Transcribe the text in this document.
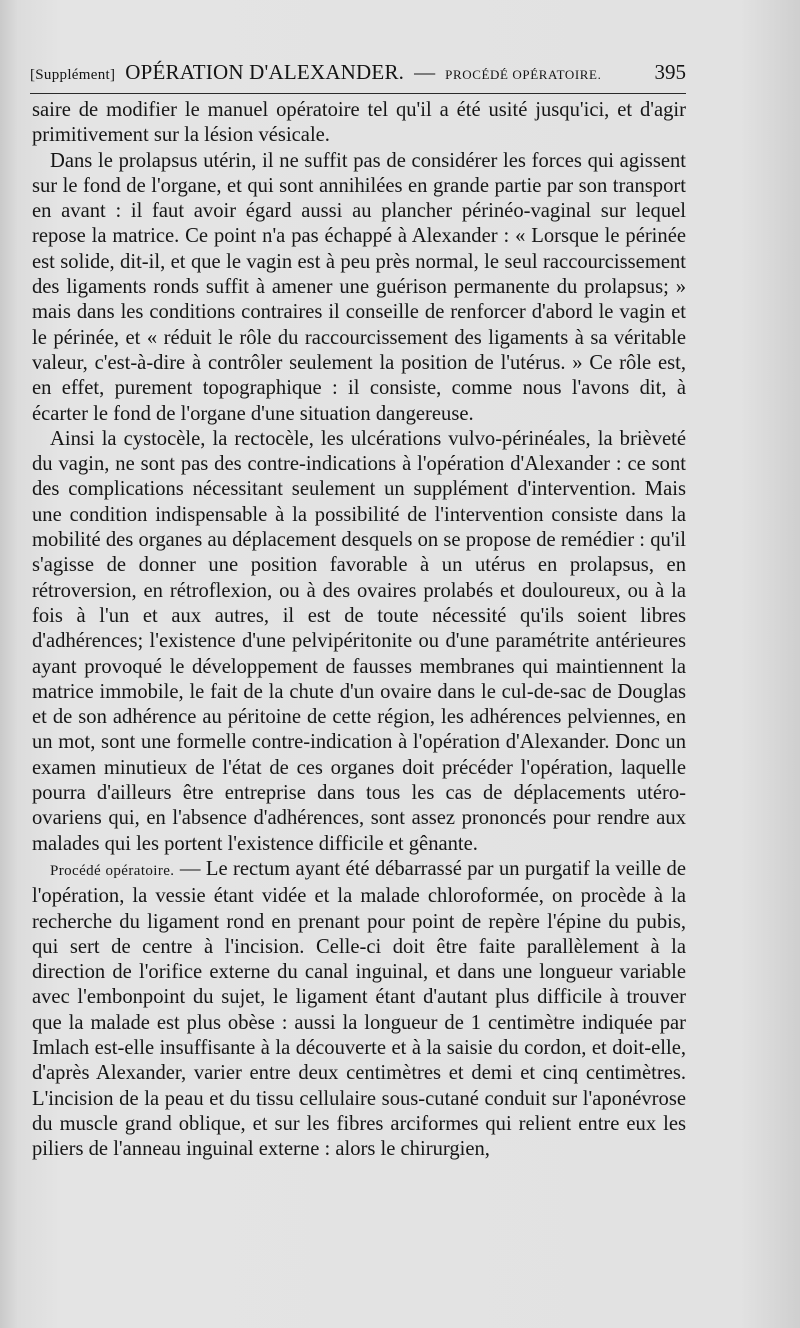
[Supplément] OPÉRATION D'ALEXANDER. — PROCÉDÉ OPÉRATOIRE.	395

saire de modifier le manuel opératoire tel qu'il a été usité jusqu'ici, et d'agir primitivement sur la lésion vésicale.

Dans le prolapsus utérin, il ne suffit pas de considérer les forces qui agissent sur le fond de l'organe, et qui sont annihilées en grande partie par son transport en avant : il faut avoir égard aussi au plancher périnéo-vaginal sur lequel repose la matrice. Ce point n'a pas échappé à Alexander : « Lorsque le périnée est solide, dit-il, et que le vagin est à peu près normal, le seul raccourcissement des ligaments ronds suffit à amener une guérison permanente du prolapsus; » mais dans les conditions contraires il conseille de renforcer d'abord le vagin et le périnée, et « réduit le rôle du raccourcissement des ligaments à sa véritable valeur, c'est-à-dire à contrôler seulement la position de l'utérus. » Ce rôle est, en effet, purement topographique : il consiste, comme nous l'avons dit, à écarter le fond de l'organe d'une situation dangereuse.

Ainsi la cystocèle, la rectocèle, les ulcérations vulvo-périnéales, la brièveté du vagin, ne sont pas des contre-indications à l'opération d'Alexander : ce sont des complications nécessitant seulement un supplément d'intervention. Mais une condition indispensable à la possibilité de l'intervention consiste dans la mobilité des organes au déplacement desquels on se propose de remédier : qu'il s'agisse de donner une position favorable à un utérus en prolapsus, en rétroversion, en rétroflexion, ou à des ovaires prolabés et douloureux, ou à la fois à l'un et aux autres, il est de toute nécessité qu'ils soient libres d'adhérences; l'existence d'une pelvipéritonite ou d'une paramétrite antérieures ayant provoqué le développement de fausses membranes qui maintiennent la matrice immobile, le fait de la chute d'un ovaire dans le cul-de-sac de Douglas et de son adhérence au péritoine de cette région, les adhérences pelviennes, en un mot, sont une formelle contre-indication à l'opération d'Alexander. Donc un examen minutieux de l'état de ces organes doit précéder l'opération, laquelle pourra d'ailleurs être entreprise dans tous les cas de déplacements utéro-ovariens qui, en l'absence d'adhérences, sont assez prononcés pour rendre aux malades qui les portent l'existence difficile et gênante.

Procédé opératoire. — Le rectum ayant été débarrassé par un purgatif la veille de l'opération, la vessie étant vidée et la malade chloroformée, on procède à la recherche du ligament rond en prenant pour point de repère l'épine du pubis, qui sert de centre à l'incision. Celle-ci doit être faite parallèlement à la direction de l'orifice externe du canal inguinal, et dans une longueur variable avec l'embonpoint du sujet, le ligament étant d'autant plus difficile à trouver que la malade est plus obèse : aussi la longueur de 1 centimètre indiquée par Imlach est-elle insuffisante à la découverte et à la saisie du cordon, et doit-elle, d'après Alexander, varier entre deux centimètres et demi et cinq centimètres. L'incision de la peau et du tissu cellulaire sous-cutané conduit sur l'aponévrose du muscle grand oblique, et sur les fibres arciformes qui relient entre eux les piliers de l'anneau inguinal externe : alors le chirurgien,
